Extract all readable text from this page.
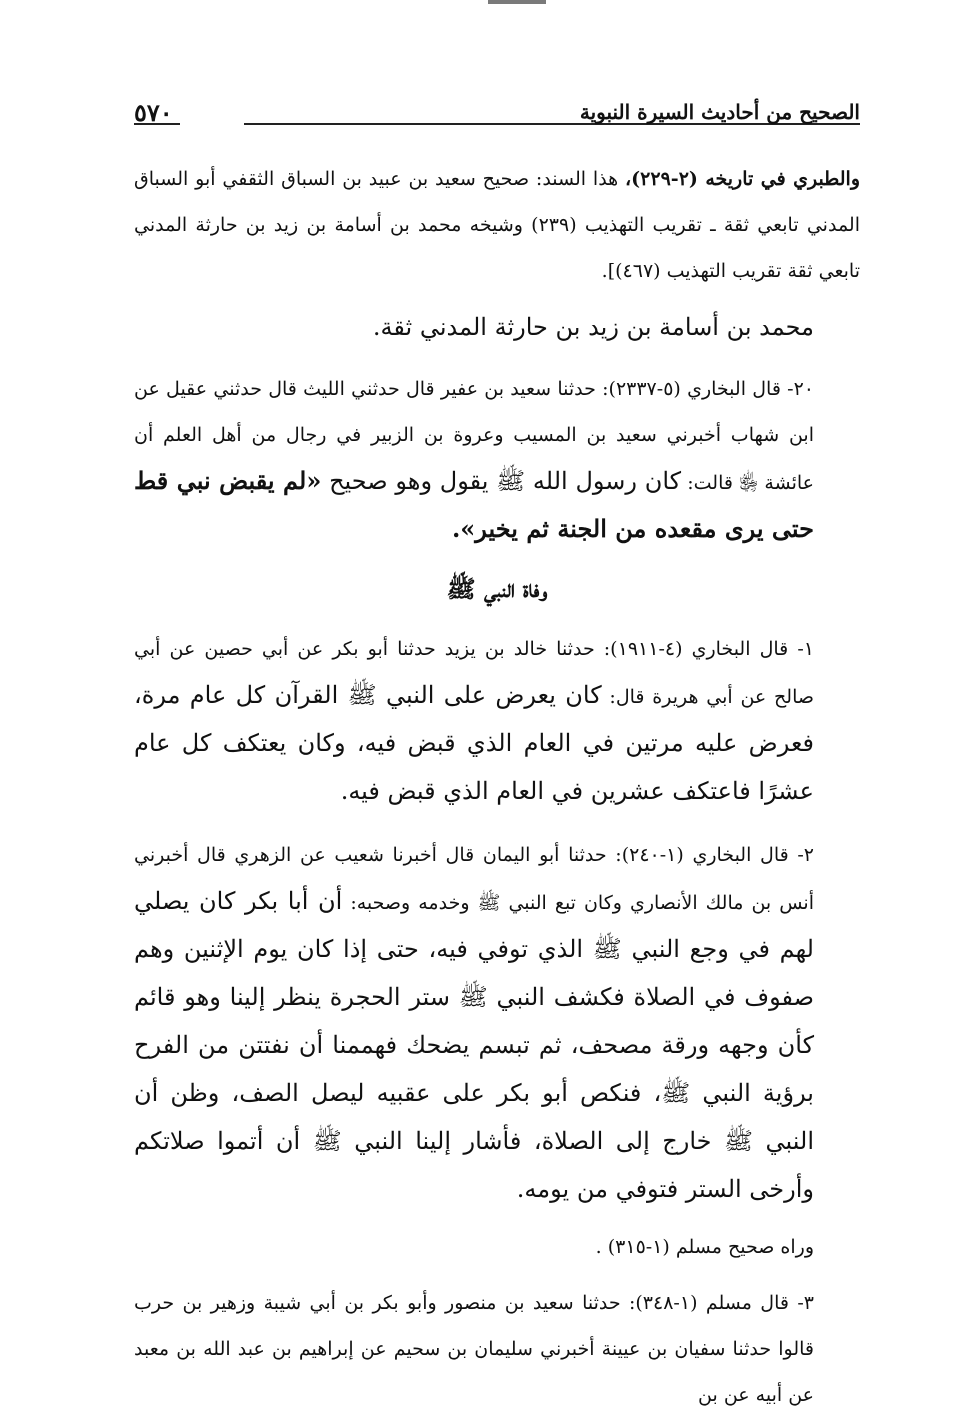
٥٧٠	الصحيح من أحاديث السيرة النبوية

والطبري في تاريخه (٢-٢٢٩)، هذا السند: صحيح سعيد بن عبيد بن السباق الثقفي أبو السباق المدني تابعي ثقة ـ تقريب التهذيب (٢٣٩) وشيخه محمد بن أسامة بن زيد بن حارثة المدني تابعي ثقة تقريب التهذيب (٤٦٧)].

محمد بن أسامة بن زيد بن حارثة المدني ثقة.

٢٠- قال البخاري (٥-٢٣٣٧): حدثنا سعيد بن عفير قال حدثني الليث قال حدثني عقيل عن ابن شهاب أخبرني سعيد بن المسيب وعروة بن الزبير في رجال من أهل العلم أن عائشة ﵂ قالت: كان رسول الله ﷺ يقول وهو صحيح «لم يقبض نبي قط حتى يرى مقعده من الجنة ثم يخير».

وفاة النبي ﷺ

١- قال البخاري (٤-١٩١١): حدثنا خالد بن يزيد حدثنا أبو بكر عن أبي حصين عن أبي صالح عن أبي هريرة قال: كان يعرض على النبي ﷺ القرآن كل عام مرة، فعرض عليه مرتين في العام الذي قبض فيه، وكان يعتكف كل عام عشرًا فاعتكف عشرين في العام الذي قبض فيه.

٢- قال البخاري (١-٢٤٠): حدثنا أبو اليمان قال أخبرنا شعيب عن الزهري قال أخبرني أنس بن مالك الأنصاري وكان تبع النبي ﷺ وخدمه وصحبه: أن أبا بكر كان يصلي لهم في وجع النبي ﷺ الذي توفي فيه، حتى إذا كان يوم الإثنين وهم صفوف في الصلاة فكشف النبي ﷺ ستر الحجرة ينظر إلينا وهو قائم كأن وجهه ورقة مصحف، ثم تبسم يضحك فهممنا أن نفتتن من الفرح برؤية النبي ﷺ، فنكص أبو بكر على عقبيه ليصل الصف، وظن أن النبي ﷺ خارج إلى الصلاة، فأشار إلينا النبي ﷺ أن أتموا صلاتكم وأرخى الستر فتوفي من يومه.

وراه صحيح مسلم (١-٣١٥) .

٣- قال مسلم (١-٣٤٨): حدثنا سعيد بن منصور وأبو بكر بن أبي شيبة وزهير بن حرب قالوا حدثنا سفيان بن عيينة أخبرني سليمان بن سحيم عن إبراهيم بن عبد الله بن معبد عن أبيه عن بن
